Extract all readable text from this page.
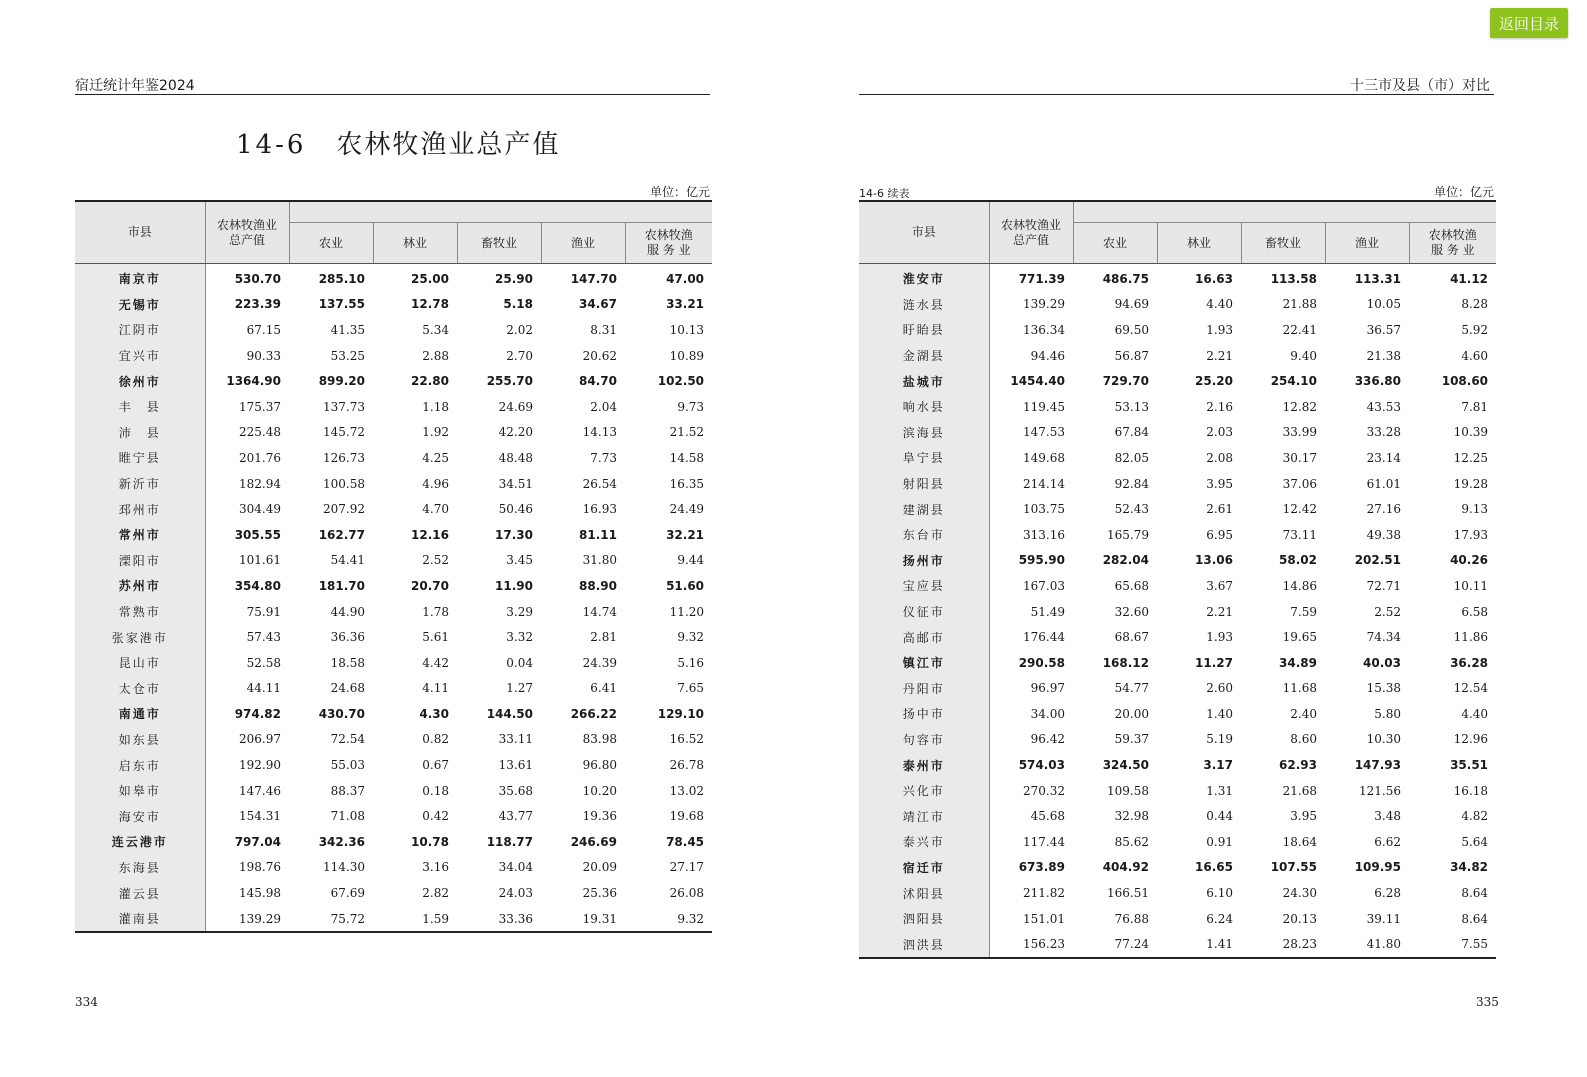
返回目录
宿迁统计年鉴2024
14-6 农林牧渔业总产值
单位：亿元
市县	农林牧渔业
总产值					

		农业	林业	畜牧业	渔业	农林牧渔
服 务 业

南京市	530.70	285.10	25.00	25.90	147.70	47.00
无锡市	223.39	137.55	12.78	5.18	34.67	33.21
江阴市	67.15	41.35	5.34	2.02	8.31	10.13
宜兴市	90.33	53.25	2.88	2.70	20.62	10.89
徐州市	1364.90	899.20	22.80	255.70	84.70	102.50
丰　县	175.37	137.73	1.18	24.69	2.04	9.73
沛　县	225.48	145.72	1.92	42.20	14.13	21.52
睢宁县	201.76	126.73	4.25	48.48	7.73	14.58
新沂市	182.94	100.58	4.96	34.51	26.54	16.35
邳州市	304.49	207.92	4.70	50.46	16.93	24.49
常州市	305.55	162.77	12.16	17.30	81.11	32.21
溧阳市	101.61	54.41	2.52	3.45	31.80	9.44
苏州市	354.80	181.70	20.70	11.90	88.90	51.60
常熟市	75.91	44.90	1.78	3.29	14.74	11.20
张家港市	57.43	36.36	5.61	3.32	2.81	9.32
昆山市	52.58	18.58	4.42	0.04	24.39	5.16
太仓市	44.11	24.68	4.11	1.27	6.41	7.65
南通市	974.82	430.70	4.30	144.50	266.22	129.10
如东县	206.97	72.54	0.82	33.11	83.98	16.52
启东市	192.90	55.03	0.67	13.61	96.80	26.78
如皋市	147.46	88.37	0.18	35.68	10.20	13.02
海安市	154.31	71.08	0.42	43.77	19.36	19.68
连云港市	797.04	342.36	10.78	118.77	246.69	78.45
东海县	198.76	114.30	3.16	34.04	20.09	27.17
灌云县	145.98	67.69	2.82	24.03	25.36	26.08
灌南县	139.29	75.72	1.59	33.36	19.31	9.32
334
十三市及县（市）对比
14-6 续表	单位：亿元
市县	农林牧渔业
总产值					

		农业	林业	畜牧业	渔业	农林牧渔
服 务 业

淮安市	771.39	486.75	16.63	113.58	113.31	41.12
涟水县	139.29	94.69	4.40	21.88	10.05	8.28
盱眙县	136.34	69.50	1.93	22.41	36.57	5.92
金湖县	94.46	56.87	2.21	9.40	21.38	4.60
盐城市	1454.40	729.70	25.20	254.10	336.80	108.60
响水县	119.45	53.13	2.16	12.82	43.53	7.81
滨海县	147.53	67.84	2.03	33.99	33.28	10.39
阜宁县	149.68	82.05	2.08	30.17	23.14	12.25
射阳县	214.14	92.84	3.95	37.06	61.01	19.28
建湖县	103.75	52.43	2.61	12.42	27.16	9.13
东台市	313.16	165.79	6.95	73.11	49.38	17.93
扬州市	595.90	282.04	13.06	58.02	202.51	40.26
宝应县	167.03	65.68	3.67	14.86	72.71	10.11
仪征市	51.49	32.60	2.21	7.59	2.52	6.58
高邮市	176.44	68.67	1.93	19.65	74.34	11.86
镇江市	290.58	168.12	11.27	34.89	40.03	36.28
丹阳市	96.97	54.77	2.60	11.68	15.38	12.54
扬中市	34.00	20.00	1.40	2.40	5.80	4.40
句容市	96.42	59.37	5.19	8.60	10.30	12.96
泰州市	574.03	324.50	3.17	62.93	147.93	35.51
兴化市	270.32	109.58	1.31	21.68	121.56	16.18
靖江市	45.68	32.98	0.44	3.95	3.48	4.82
泰兴市	117.44	85.62	0.91	18.64	6.62	5.64
宿迁市	673.89	404.92	16.65	107.55	109.95	34.82
沭阳县	211.82	166.51	6.10	24.30	6.28	8.64
泗阳县	151.01	76.88	6.24	20.13	39.11	8.64
泗洪县	156.23	77.24	1.41	28.23	41.80	7.55
335
